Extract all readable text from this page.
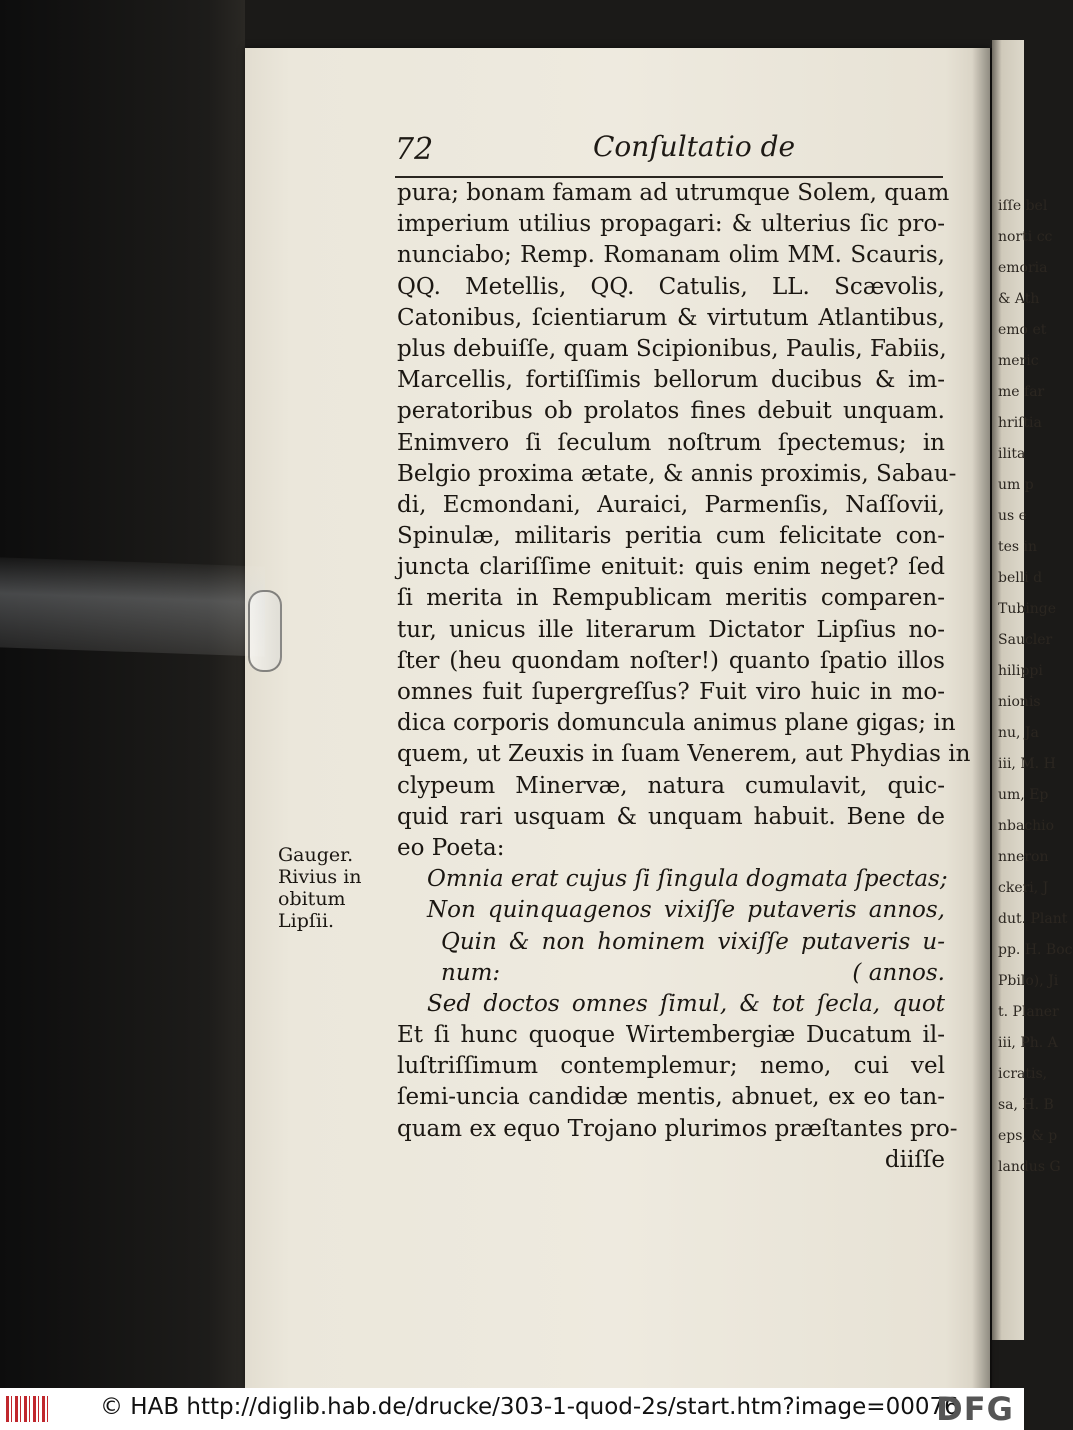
iſſe bel
norti cc
emoria
& Ath
emo et
meric
me far
hriſtia
ilita
um p
us e
tes in
belli d
Tubinge
Saucler
hilippi
nionis
nu, Ja
iii, M. H
um, Ep
nbachio
nneron
ckeri, J
dut. Plant
pp. H. Boc
Pbilo), Ji
t. Planer
iii, Ph. A
icratis,
sa, H. B
eps, & p
landus G
72	Conſultatio de
pura; bonam famam ad utrumque Solem, quam
imperium utilius propagari: & ulterius ſic pro-
nunciabo; Remp. Romanam olim MM. Scauris,
QQ. Metellis, QQ. Catulis, LL. Scævolis,
Catonibus, ſcientiarum & virtutum Atlantibus,
plus debuiſſe, quam Scipionibus, Paulis, Fabiis,
Marcellis, fortiſſimis bellorum ducibus & im-
peratoribus ob prolatos fines debuit unquam.
Enimvero ſi ſeculum noſtrum ſpectemus; in
Belgio proxima ætate, & annis proximis, Sabau-
di, Ecmondani, Auraici, Parmenſis, Naſſovii,
Spinulæ, militaris peritia cum felicitate con-
juncta clariſſime enituit: quis enim neget? ſed
ſi merita in Rempublicam meritis comparen-
tur, unicus ille literarum Dictator Lipſius no-
ſter (heu quondam noſter!) quanto ſpatio illos
omnes fuit ſupergreſſus? Fuit viro huic in mo-
dica corporis domuncula animus plane gigas; in
quem, ut Zeuxis in ſuam Venerem, aut Phydias in
clypeum Minervæ, natura cumulavit, quic-
quid rari usquam & unquam habuit. Bene de
eo Poeta:
Omnia erat cujus ſi ſingula dogmata ſpectas;
Non quinquagenos vixiſſe putaveris annos,
Quin & non hominem vixiſſe putaveris u-
num:	( annos.
Sed doctos omnes ſimul, & tot ſecla, quot
Et ſi hunc quoque Wirtembergiæ Ducatum il-
luſtriſſimum contemplemur; nemo, cui vel
ſemi-uncia candidæ mentis, abnuet, ex eo tan-
quam ex equo Trojano plurimos præſtantes pro-
diiſſe
Gauger.
Rivius in
obitum
Lipſii.
© HAB http://diglib.hab.de/drucke/303-1-quod-2s/start.htm?image=00076
DFG
